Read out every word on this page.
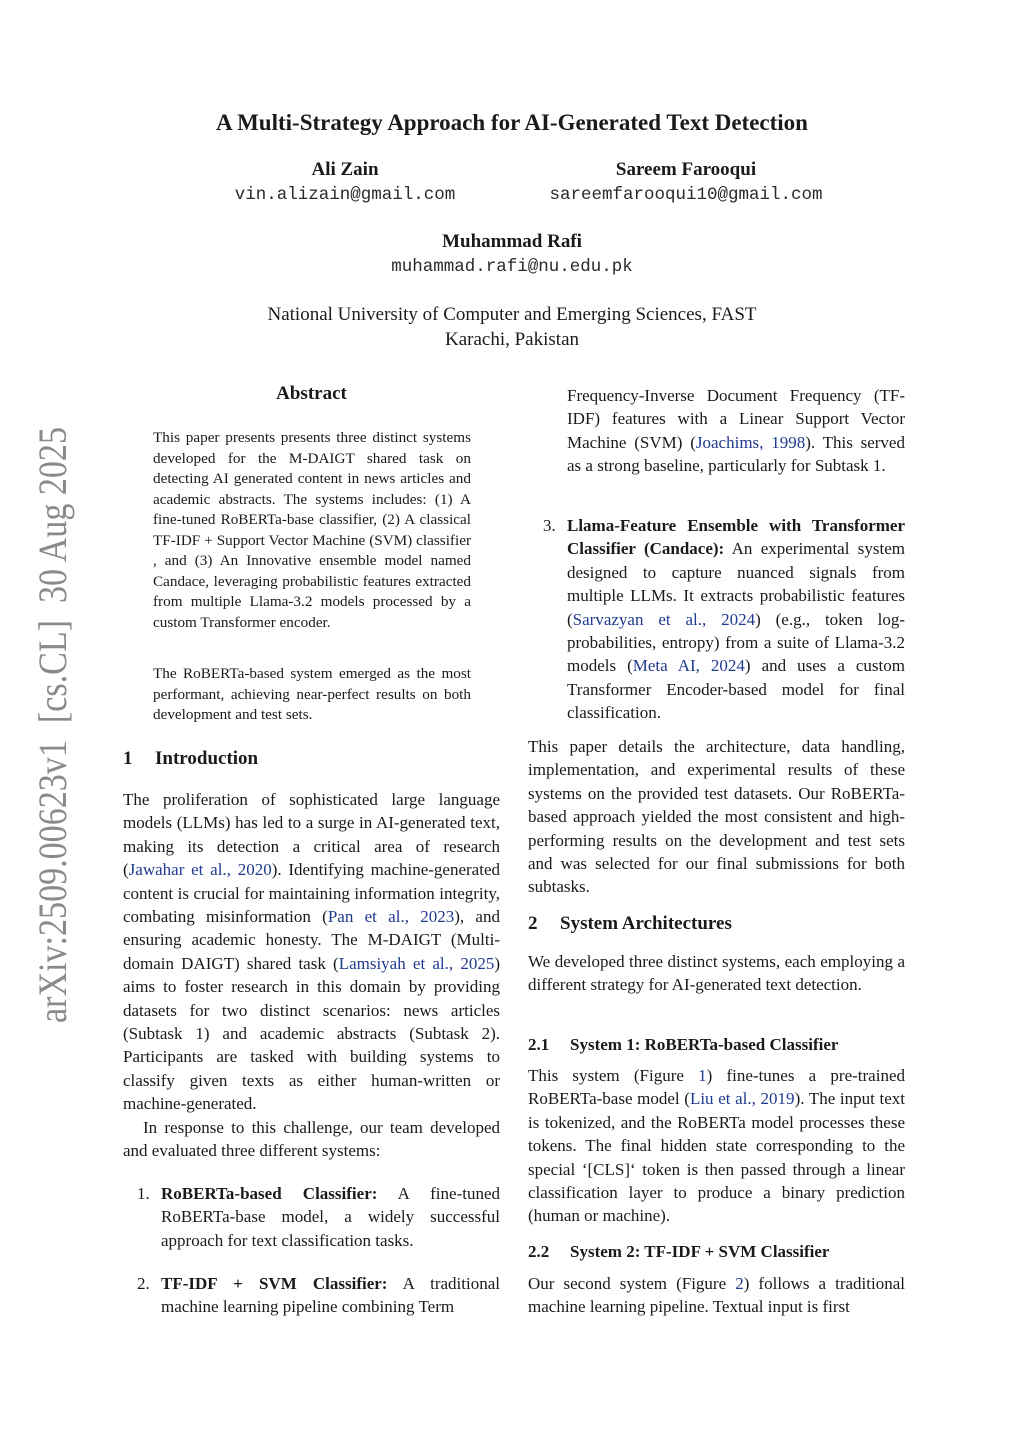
arXiv:2509.00623v1  [cs.CL]  30 Aug 2025
A Multi-Strategy Approach for AI-Generated Text Detection
Ali Zain
vin.alizain@gmail.com
Sareem Farooqui
sareemfarooqui10@gmail.com
Muhammad Rafi
muhammad.rafi@nu.edu.pk
National University of Computer and Emerging Sciences, FAST
Karachi, Pakistan
Abstract
This paper presents presents three distinct systems developed for the M-DAIGT shared task on detecting AI generated content in news articles and academic abstracts. The systems includes: (1) A fine-tuned RoBERTa-base classifier, (2) A classical TF-IDF + Support Vector Machine (SVM) classifier , and (3) An Innovative ensemble model named Candace, leveraging probabilistic features extracted from multiple Llama-3.2 models processed by a custom Transformer encoder.
The RoBERTa-based system emerged as the most performant, achieving near-perfect results on both development and test sets.
1 Introduction
The proliferation of sophisticated large language models (LLMs) has led to a surge in AI-generated text, making its detection a critical area of research (Jawahar et al., 2020). Identifying machine-generated content is crucial for maintaining information integrity, combating misinformation (Pan et al., 2023), and ensuring academic honesty. The M-DAIGT (Multi-domain DAIGT) shared task (Lamsiyah et al., 2025) aims to foster research in this domain by providing datasets for two distinct scenarios: news articles (Subtask 1) and academic abstracts (Subtask 2). Participants are tasked with building systems to classify given texts as either human-written or machine-generated.
In response to this challenge, our team developed and evaluated three different systems:
1. RoBERTa-based Classifier: A fine-tuned RoBERTa-base model, a widely successful approach for text classification tasks.
2. TF-IDF + SVM Classifier: A traditional machine learning pipeline combining Term
Frequency-Inverse Document Frequency (TF-IDF) features with a Linear Support Vector Machine (SVM) (Joachims, 1998). This served as a strong baseline, particularly for Subtask 1.
3. Llama-Feature Ensemble with Transformer Classifier (Candace): An experimental system designed to capture nuanced signals from multiple LLMs. It extracts probabilistic features (Sarvazyan et al., 2024) (e.g., token log-probabilities, entropy) from a suite of Llama-3.2 models (Meta AI, 2024) and uses a custom Transformer Encoder-based model for final classification.
This paper details the architecture, data handling, implementation, and experimental results of these systems on the provided test datasets. Our RoBERTa-based approach yielded the most consistent and high-performing results on the development and test sets and was selected for our final submissions for both subtasks.
2 System Architectures
We developed three distinct systems, each employing a different strategy for AI-generated text detection.
2.1 System 1: RoBERTa-based Classifier
This system (Figure 1) fine-tunes a pre-trained RoBERTa-base model (Liu et al., 2019). The input text is tokenized, and the RoBERTa model processes these tokens. The final hidden state corresponding to the special ‘[CLS]‘ token is then passed through a linear classification layer to produce a binary prediction (human or machine).
2.2 System 2: TF-IDF + SVM Classifier
Our second system (Figure 2) follows a traditional machine learning pipeline. Textual input is first
